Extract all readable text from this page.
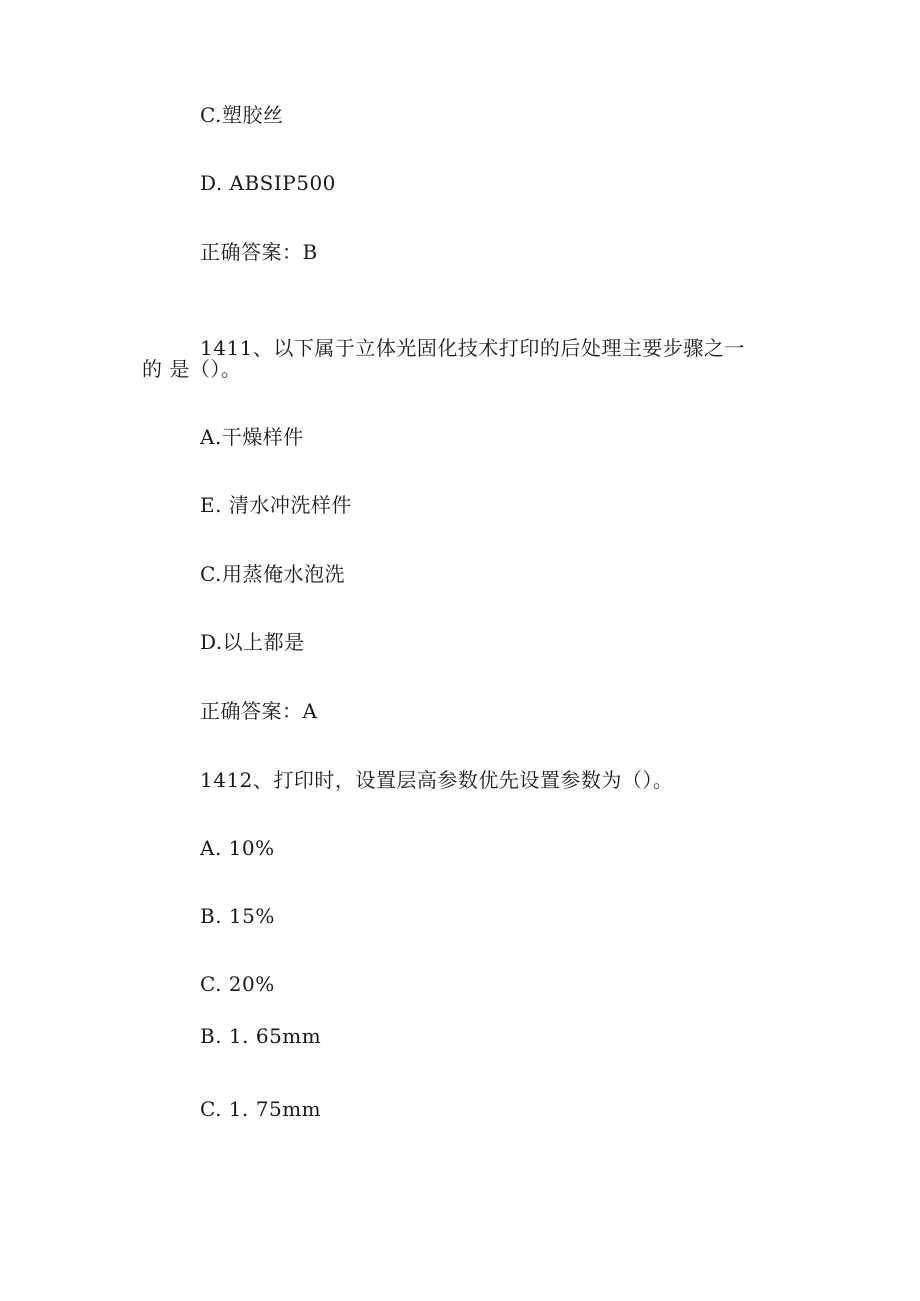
C.塑胶丝
D. ABSIP500
正确答案：B
1411、以下属于立体光固化技术打印的后处理主要步骤之一
的 是（）。
A.干燥样件
E. 清水冲洗样件
C.用蒸俺水泡洗
D.以上都是
正确答案：A
1412、打印时，设置层高参数优先设置参数为（）。
A. 10%
B. 15%
C. 20%
B. 1. 65mm
C. 1. 75mm
